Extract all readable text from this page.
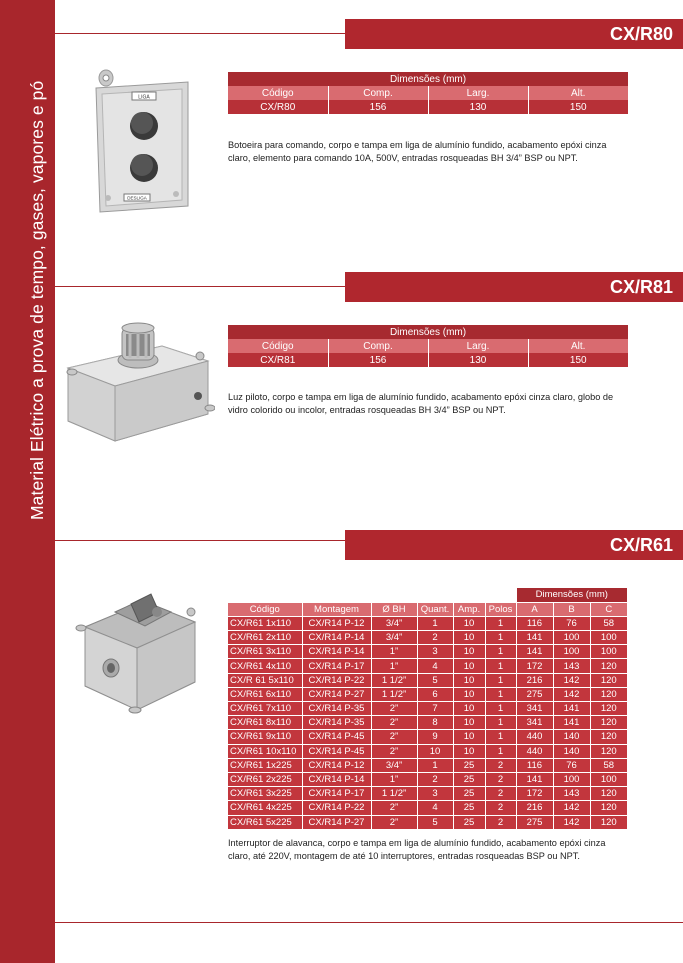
Material Elétrico a prova de tempo, gases, vapores e pó
CX/R80
LIGA
DESLIGA
Dimensões (mm)			
Código	Comp.	Larg.	Alt.
CX/R80	156	130	150

Botoeira para comando, corpo e tampa em liga de alumínio fundido, acabamento epóxi cinza claro, elemento para comando 10A, 500V, entradas rosqueadas BH 3/4” BSP ou NPT.

CX/R81
Dimensões (mm)			
Código	Comp.	Larg.	Alt.
CX/R81	156	130	150

Luz piloto, corpo e tampa em liga de alumínio fundido, acabamento epóxi cinza claro, globo de vidro colorido ou incolor, entradas rosqueadas BH 3/4” BSP ou NPT.

CX/R61
						Dimensões (mm)		
Código	Montagem	Ø BH	Quant.	Amp.	Polos	A	B	C
CX/R61 1x110	CX/R14 P-12	3/4”	1	10	1	116	76	58
CX/R61 2x110	CX/R14 P-14	3/4”	2	10	1	141	100	100
CX/R61 3x110	CX/R14 P-14	1”	3	10	1	141	100	100
CX/R61 4x110	CX/R14 P-17	1”	4	10	1	172	143	120
CX/R 61 5x110	CX/R14 P-22	1 1/2”	5	10	1	216	142	120
CX/R61 6x110	CX/R14 P-27	1 1/2”	6	10	1	275	142	120
CX/R61 7x110	CX/R14 P-35	2”	7	10	1	341	141	120
CX/R61 8x110	CX/R14 P-35	2”	8	10	1	341	141	120
CX/R61 9x110	CX/R14 P-45	2”	9	10	1	440	140	120
CX/R61 10x110	CX/R14 P-45	2”	10	10	1	440	140	120
CX/R61 1x225	CX/R14 P-12	3/4”	1	25	2	116	76	58
CX/R61 2x225	CX/R14 P-14	1”	2	25	2	141	100	100
CX/R61 3x225	CX/R14 P-17	1 1/2”	3	25	2	172	143	120
CX/R61 4x225	CX/R14 P-22	2”	4	25	2	216	142	120
CX/R61 5x225	CX/R14 P-27	2”	5	25	2	275	142	120

Interruptor de alavanca, corpo e tampa em liga de alumínio fundido, acabamento epóxi cinza claro, até 220V, montagem de até 10 interruptores, entradas rosqueadas BSP ou NPT.
